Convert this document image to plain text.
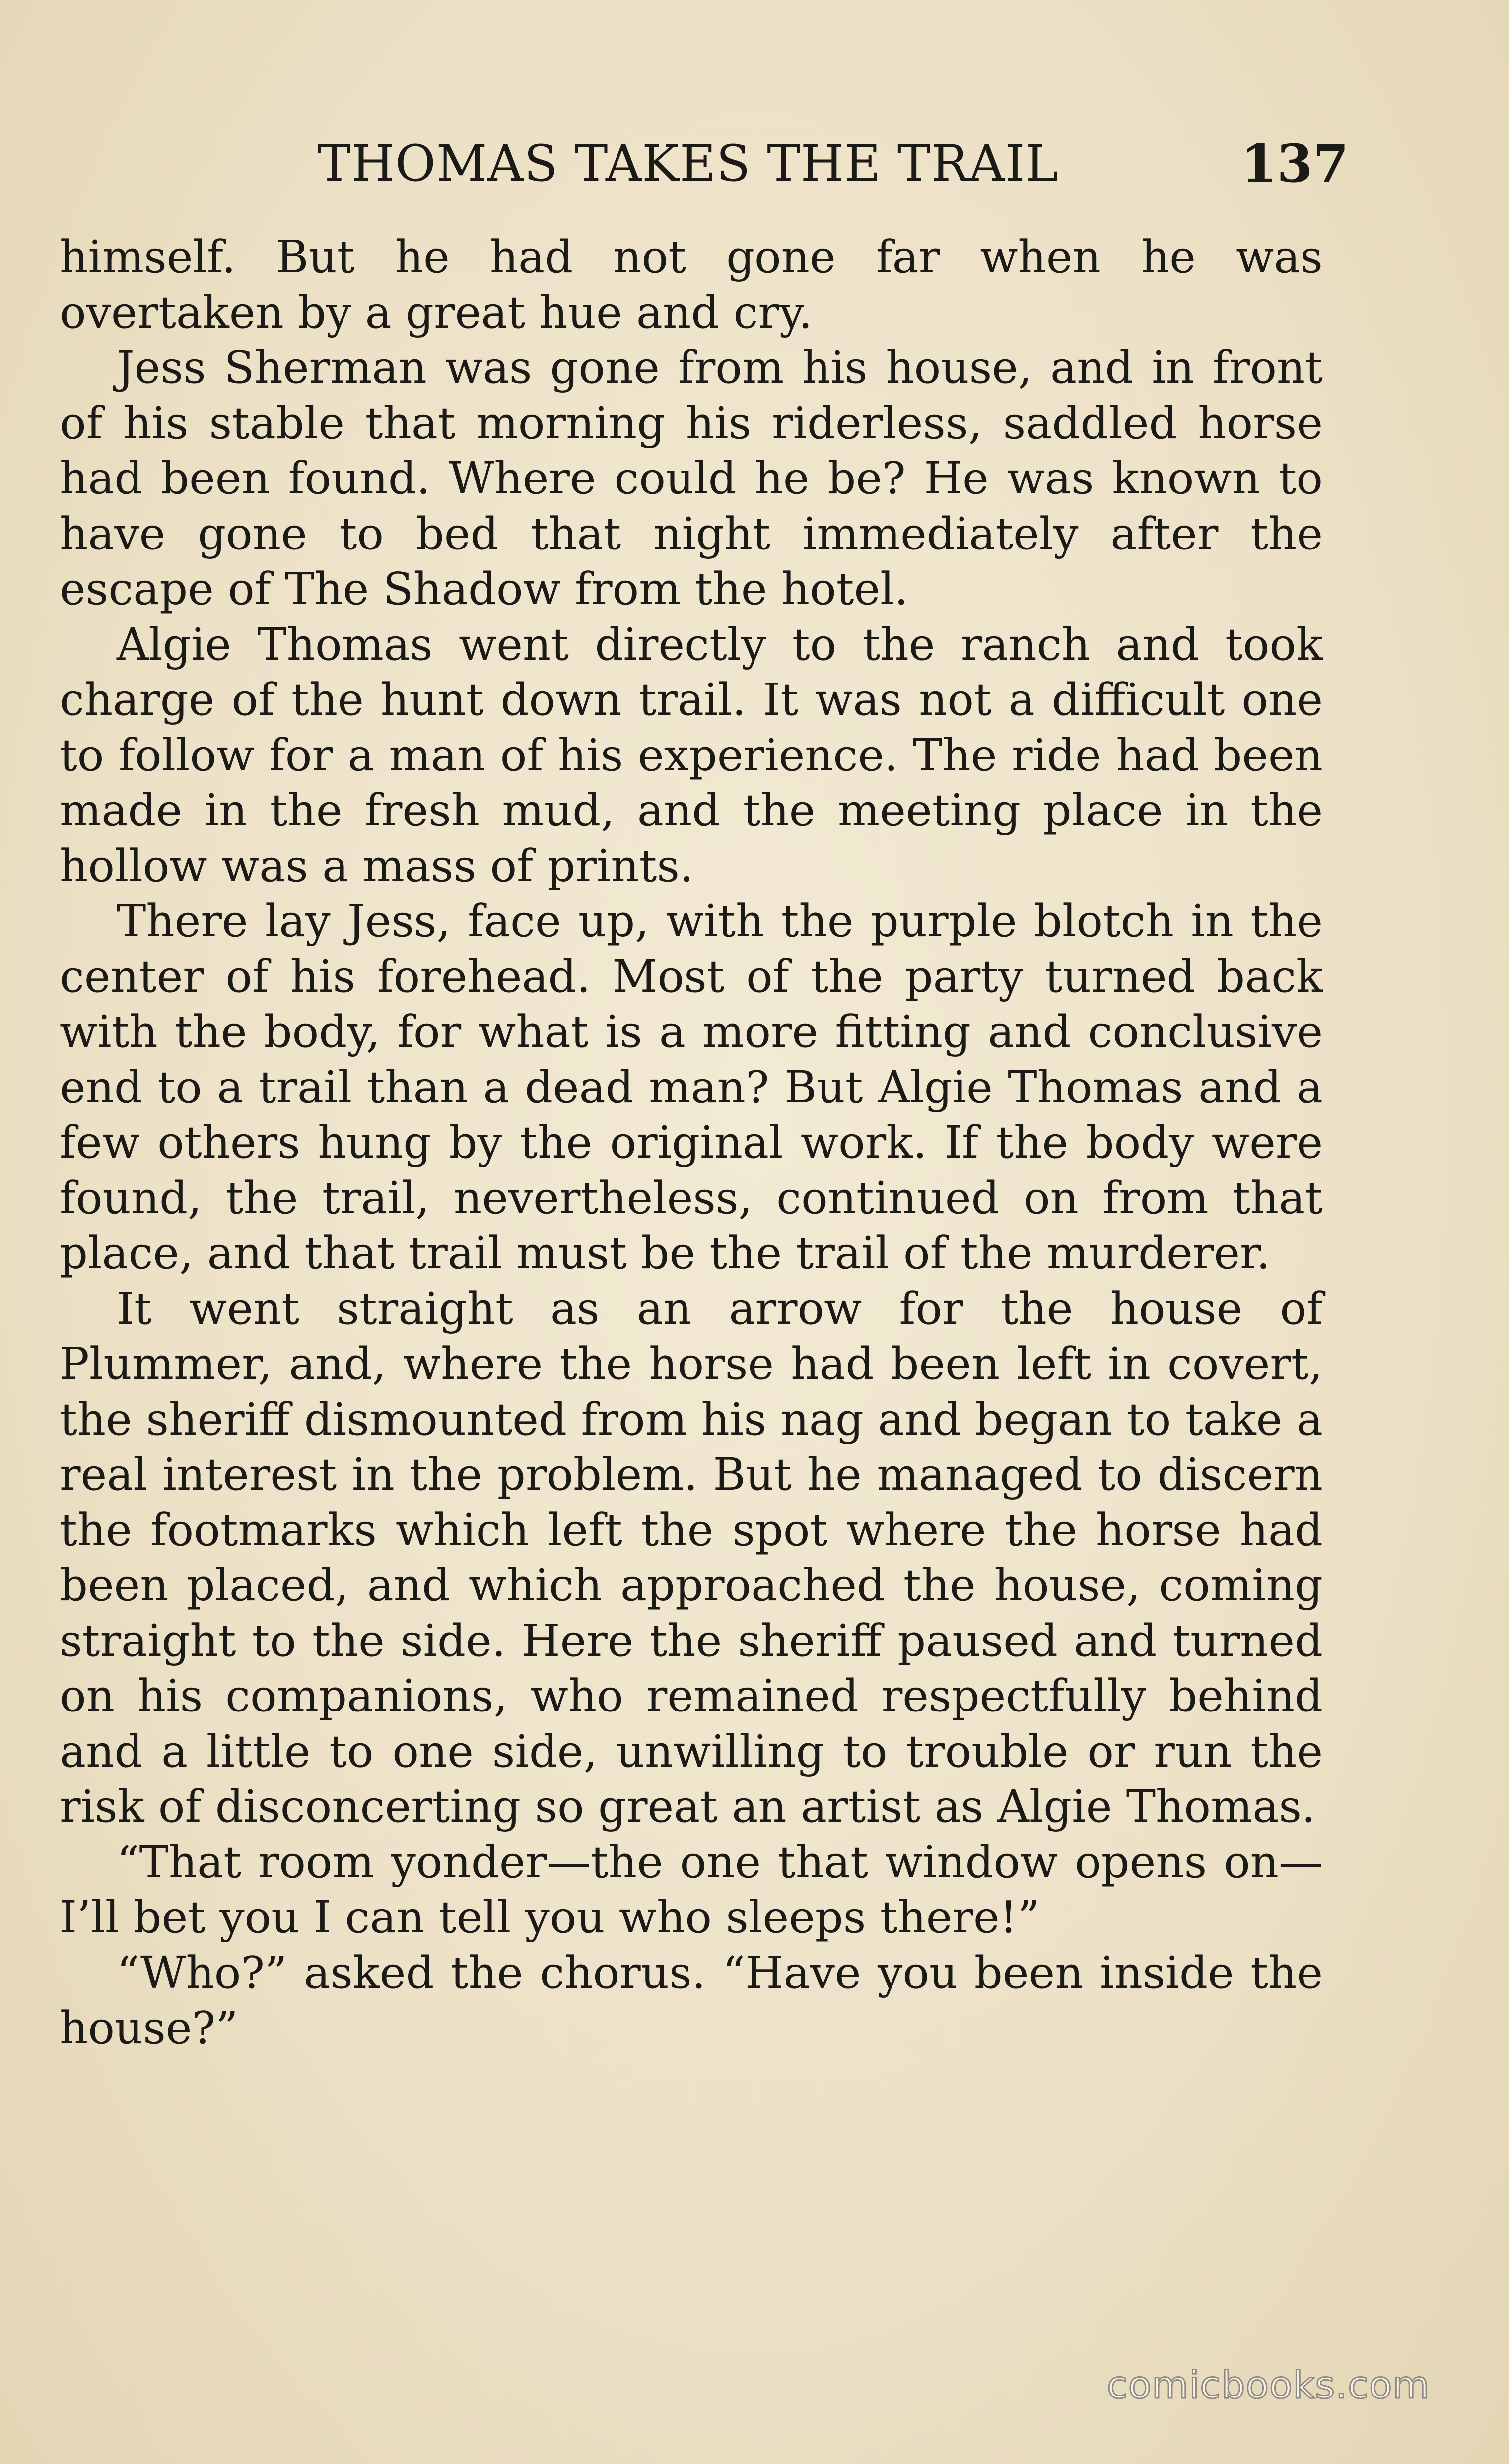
THOMAS TAKES THE TRAIL	137

himself. But he had not gone far when he was overtaken by a great hue and cry.

Jess Sherman was gone from his house, and in front of his stable that morning his riderless, saddled horse had been found. Where could he be? He was known to have gone to bed that night immediately after the escape of The Shadow from the hotel.

Algie Thomas went directly to the ranch and took charge of the hunt down trail. It was not a difficult one to follow for a man of his experience. The ride had been made in the fresh mud, and the meeting place in the hollow was a mass of prints.

There lay Jess, face up, with the purple blotch in the center of his forehead. Most of the party turned back with the body, for what is a more fitting and conclusive end to a trail than a dead man? But Algie Thomas and a few others hung by the original work. If the body were found, the trail, nevertheless, continued on from that place, and that trail must be the trail of the murderer.

It went straight as an arrow for the house of Plummer, and, where the horse had been left in covert, the sheriff dismounted from his nag and began to take a real interest in the problem. But he managed to discern the footmarks which left the spot where the horse had been placed, and which approached the house, coming straight to the side. Here the sheriff paused and turned on his companions, who remained respectfully behind and a little to one side, unwilling to trouble or run the risk of disconcerting so great an artist as Algie Thomas.

“That room yonder—the one that window opens on—I’ll bet you I can tell you who sleeps there!”

“Who?” asked the chorus. “Have you been inside the house?”

comicbooks.com
